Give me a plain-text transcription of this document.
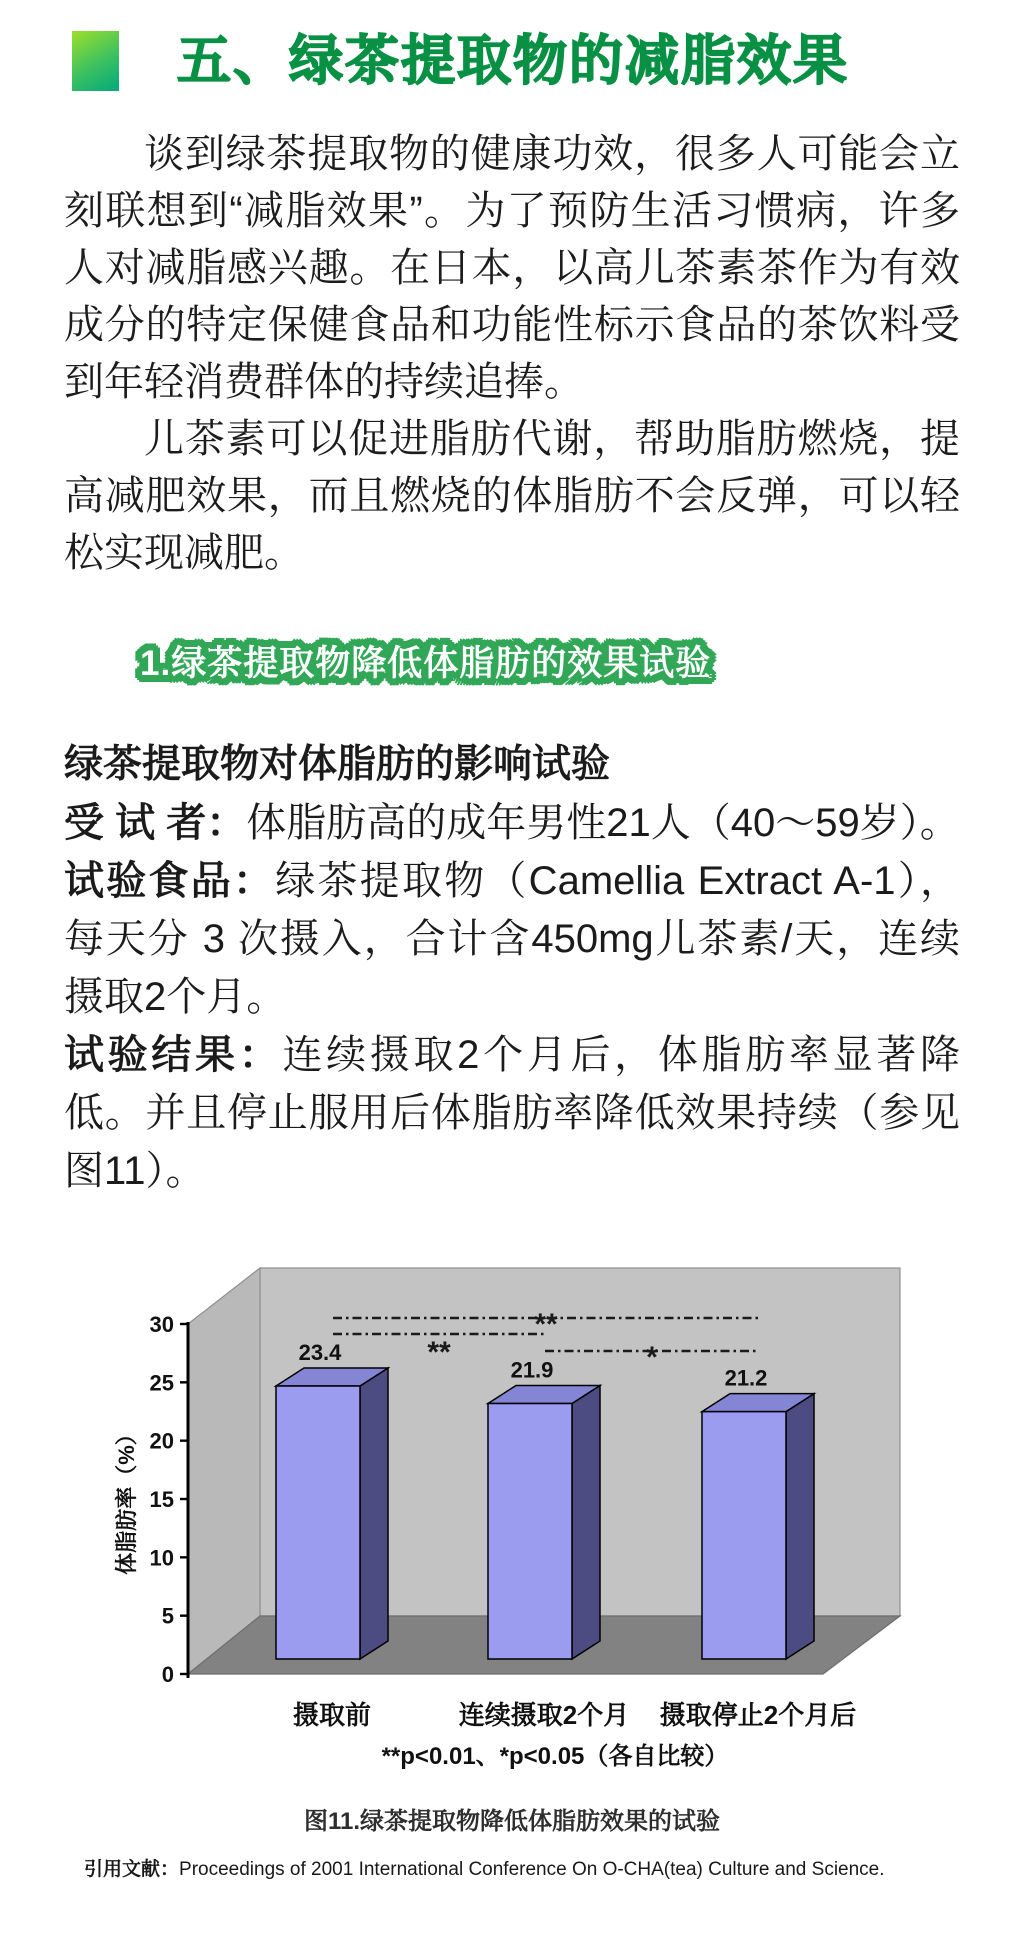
五、绿茶提取物的减脂效果

谈到绿茶提取物的健康功效，很多人可能会立刻联想到“减脂效果”。为了预防生活习惯病，许多人对减脂感兴趣。在日本，以高儿茶素茶作为有效成分的特定保健食品和功能性标示食品的茶饮料受到年轻消费群体的持续追捧。

儿茶素可以促进脂肪代谢，帮助脂肪燃烧，提高减肥效果，而且燃烧的体脂肪不会反弹，可以轻松实现减肥。

1.绿茶提取物降低体脂肪的效果试验
绿茶提取物对体脂肪的影响试验

受 试 者：体脂肪高的成年男性21人（40～59岁）。

试验食品：绿茶提取物（Camellia Extract A-1），每天分 3 次摄入，合计含450mg儿茶素/天，连续摄取2个月。

试验结果：连续摄取2个月后，体脂肪率显著降低。并且停止服用后体脂肪率降低效果持续（参见图11）。

0
5
10
15
20
25
30
体脂肪率（%）
**
**	*
23.4
摄取前
21.9
连续摄取2个月
21.2
摄取停止2个月后
**p<0.01、*p<0.05（各自比较）
图11.绿茶提取物降低体脂肪效果的试验

引用文献：Proceedings of 2001 International Conference On O-CHA(tea) Culture and Science.
